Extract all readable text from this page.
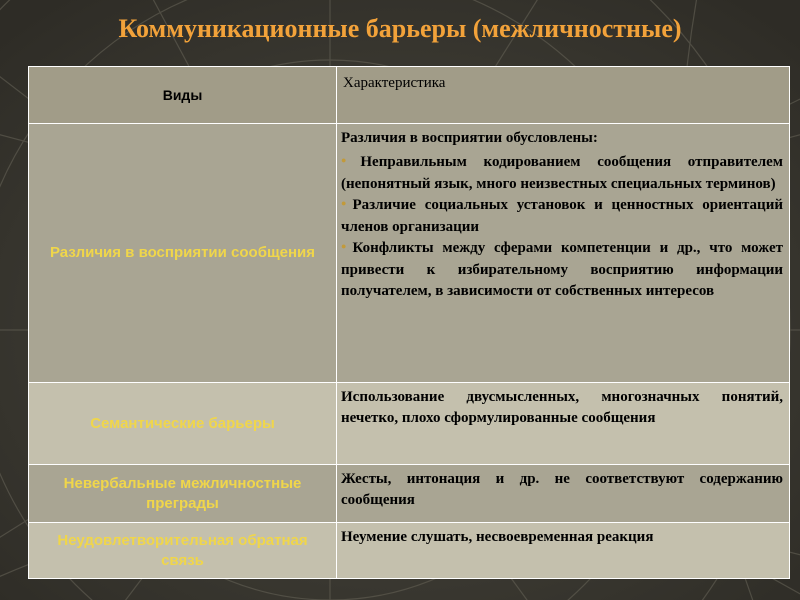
Коммуникационные барьеры (межличностные)
Виды	Характеристика
Различия в восприятии сообщения	Различия в восприятии обусловлены:

●Неправильным кодированием сообщения отправителем (непонятный язык, много неизвестных специальных терминов)

●Различие социальных установок и ценностных ориентаций членов организации

●Конфликты между сферами компетенции и др., что может привести к избирательному восприятию информации получателем, в зависимости от собственных интересов

Семантические барьеры	Использование двусмысленных, многозначных понятий, нечетко, плохо сформулированные сообщения
Невербальные межличностные преграды	Жесты, интонация и др. не соответствуют содержанию сообщения
Неудовлетворительная обратная связь	Неумение слушать, несвоевременная реакция
